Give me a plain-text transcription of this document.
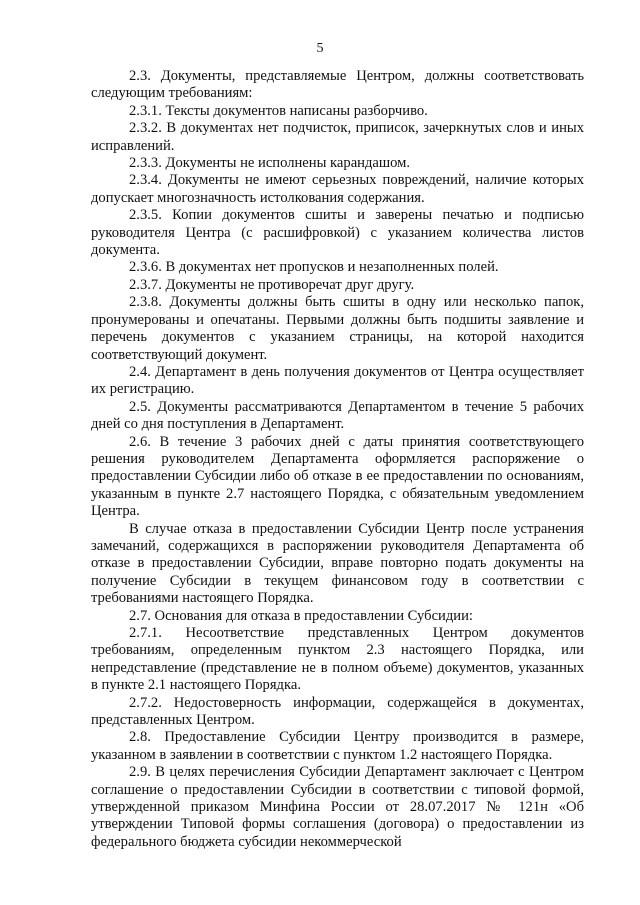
5

2.3. Документы, представляемые Центром, должны соответствовать следующим требованиям:

2.3.1. Тексты документов написаны разборчиво.

2.3.2. В документах нет подчисток, приписок, зачеркнутых слов и иных исправлений.

2.3.3. Документы не исполнены карандашом.

2.3.4. Документы не имеют серьезных повреждений, наличие которых допускает многозначность истолкования содержания.

2.3.5. Копии документов сшиты и заверены печатью и подписью руководителя Центра (с расшифровкой) с указанием количества листов документа.

2.3.6. В документах нет пропусков и незаполненных полей.

2.3.7. Документы не противоречат друг другу.

2.3.8. Документы должны быть сшиты в одну или несколько папок, пронумерованы и опечатаны. Первыми должны быть подшиты заявление и перечень документов с указанием страницы, на которой находится соответствующий документ.

2.4. Департамент в день получения документов от Центра осуществляет их регистрацию.

2.5. Документы рассматриваются Департаментом в течение 5 рабочих дней со дня поступления в Департамент.

2.6. В течение 3 рабочих дней с даты принятия соответствующего решения руководителем Департамента оформляется распоряжение о предоставлении Субсидии либо об отказе в ее предоставлении по основаниям, указанным в пункте 2.7 настоящего Порядка, с обязательным уведомлением Центра.

В случае отказа в предоставлении Субсидии Центр после устранения замечаний, содержащихся в распоряжении руководителя Департамента об отказе в предоставлении Субсидии, вправе повторно подать документы на получение Субсидии в текущем финансовом году в соответствии с требованиями настоящего Порядка.

2.7. Основания для отказа в предоставлении Субсидии:

2.7.1. Несоответствие представленных Центром документов требованиям, определенным пунктом 2.3 настоящего Порядка, или непредставление (представление не в полном объеме) документов, указанных в пункте 2.1 настоящего Порядка.

2.7.2. Недостоверность информации, содержащейся в документах, представленных Центром.

2.8. Предоставление Субсидии Центру производится в размере, указанном в заявлении в соответствии с пунктом 1.2 настоящего Порядка.

2.9. В целях перечисления Субсидии Департамент заключает с Центром соглашение о предоставлении Субсидии в соответствии с типовой формой, утвержденной приказом Минфина России от 28.07.2017 № 121н «Об утверждении Типовой формы соглашения (договора) о предоставлении из федерального бюджета субсидии некоммерческой
